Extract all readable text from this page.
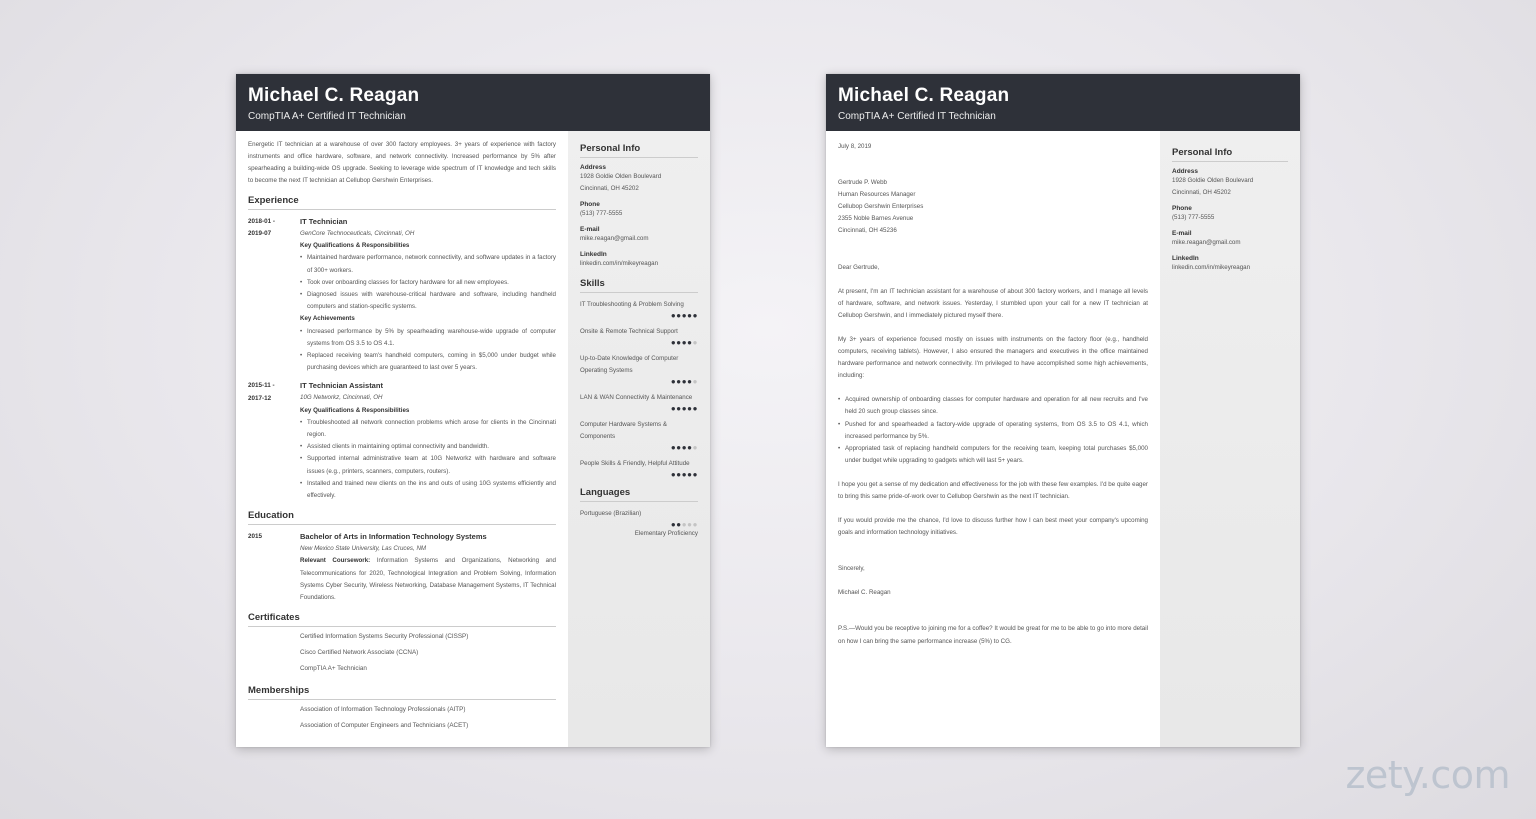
Michael C. Reagan
CompTIA A+ Certified IT Technician

Energetic IT technician at a warehouse of over 300 factory employees. 3+ years of experience with factory instruments and office hardware, software, and network connectivity. Increased performance by 5% after spearheading a building-wide OS upgrade. Seeking to leverage wide spectrum of IT knowledge and tech skills to become the next IT technician at Cellubop Gershwin Enterprises.

Experience
2018-01 -
2019-07
IT Technician
GenCore Technoceuticals, Cincinnati, OH
Key Qualifications & Responsibilities
• Maintained hardware performance, network connectivity, and software updates in a factory of 300+ workers.
• Took over onboarding classes for factory hardware for all new employees.
• Diagnosed issues with warehouse-critical hardware and software, including handheld computers and station-specific systems.
Key Achievements
• Increased performance by 5% by spearheading warehouse-wide upgrade of computer systems from OS 3.5 to OS 4.1.
• Replaced receiving team's handheld computers, coming in $5,000 under budget while purchasing devices which are guaranteed to last over 5 years.
2015-11 -
2017-12
IT Technician Assistant
10G Networkz, Cincinnati, OH
Key Qualifications & Responsibilities
• Troubleshooted all network connection problems which arose for clients in the Cincinnati region.
• Assisted clients in maintaining optimal connectivity and bandwidth.
• Supported internal administrative team at 10G Networkz with hardware and software issues (e.g., printers, scanners, computers, routers).
• Installed and trained new clients on the ins and outs of using 10G systems efficiently and effectively.
Education
2015	Bachelor of Arts in Information Technology Systems
New Mexico State University, Las Cruces, NM

Relevant Coursework: Information Systems and Organizations, Networking and Telecommunications for 2020, Technological Integration and Problem Solving, Information Systems Cyber Security, Wireless Networking, Database Management Systems, IT Technical Foundations.

Certificates
Certified Information Systems Security Professional (CISSP)
Cisco Certified Network Associate (CCNA)
CompTIA A+ Technician
Memberships
Association of Information Technology Professionals (AITP)
Association of Computer Engineers and Technicians (ACET)
Personal Info
Address
1928 Goldie Olden Boulevard
Cincinnati, OH 45202
Phone
(513) 777-5555
E-mail
mike.reagan@gmail.com
LinkedIn
linkedin.com/in/mikeyreagan
Skills
IT Troubleshooting & Problem Solving
●●●●●
Onsite & Remote Technical Support
●●●●●
Up-to-Date Knowledge of Computer Operating Systems
●●●●●
LAN & WAN Connectivity & Maintenance
●●●●●
Computer Hardware Systems & Components
●●●●●
People Skills & Friendly, Helpful Attitude
●●●●●
Languages
Portuguese (Brazilian)
●●●●●
Elementary Proficiency
Michael C. Reagan
CompTIA A+ Certified IT Technician
July 8, 2019
Gertrude P. Webb
Human Resources Manager
Cellubop Gershwin Enterprises
2355 Noble Barnes Avenue
Cincinnati, OH 45236
Dear Gertrude,

At present, I'm an IT technician assistant for a warehouse of about 300 factory workers, and I manage all levels of hardware, software, and network issues. Yesterday, I stumbled upon your call for a new IT technician at Cellubop Gershwin, and I immediately pictured myself there.

My 3+ years of experience focused mostly on issues with instruments on the factory floor (e.g., handheld computers, receiving tablets). However, I also ensured the managers and executives in the office maintained hardware performance and network connectivity. I'm privileged to have accomplished some high achievements, including:

• Acquired ownership of onboarding classes for computer hardware and operation for all new recruits and I've held 20 such group classes since.
• Pushed for and spearheaded a factory-wide upgrade of operating systems, from OS 3.5 to OS 4.1, which increased performance by 5%.
• Appropriated task of replacing handheld computers for the receiving team, keeping total purchases $5,000 under budget while upgrading to gadgets which will last 5+ years.

I hope you get a sense of my dedication and effectiveness for the job with these few examples. I'd be quite eager to bring this same pride-of-work over to Cellubop Gershwin as the next IT technician.

If you would provide me the chance, I'd love to discuss further how I can best meet your company's upcoming goals and information technology initiatives.

Sincerely,
Michael C. Reagan

P.S.—Would you be receptive to joining me for a coffee? It would be great for me to be able to go into more detail on how I can bring the same performance increase (5%) to CG.

Personal Info
Address
1928 Goldie Olden Boulevard
Cincinnati, OH 45202
Phone
(513) 777-5555
E-mail
mike.reagan@gmail.com
LinkedIn
linkedin.com/in/mikeyreagan
zety.com
